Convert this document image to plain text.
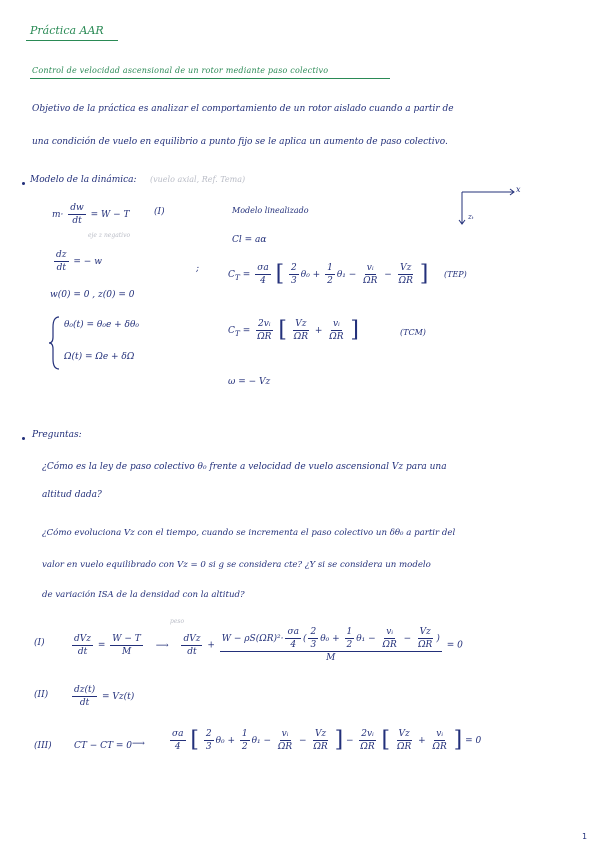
Práctica AAR
Control de velocidad ascensional de un rotor mediante paso colectivo
Objetivo de la práctica es analizar el comportamiento de un rotor aislado cuando a partir de
una condición de vuelo en equilibrio a punto fijo se le aplica un aumento de paso colectivo.
Modelo de la dinámica: (vuelo axial, Ref. Tema)
x
zₜ
$m\cdot \frac{dw}{dt} = W - T$	(I)
eje z negativo
$\frac{dz}{dt}$ = − w
w(0) = 0 , z(0) = 0
θ₀(t) = θ₀e + δθ₀
Ω(t) = Ωe + δΩ
Modelo linealizado
Cl = aα
;
$C_T = \frac{\sigma a}{4}$ [ $\frac{2}{3} \theta_0 + \frac{1}{2} \theta_1 - \frac{\text{vᵢ}}{\Omega R} - \frac{Vz}{\Omega R}$ ] (TEP)
$C_T = \frac{\text{2vᵢ}}{\Omega R}$ [ $\frac{Vz}{\Omega R} + \frac{\text{vᵢ}}{\Omega R}$ ]	(TCM)
ω = − Vz
Preguntas:
¿Cómo es la ley de paso colectivo θ₀ frente a velocidad de vuelo ascensional Vz para una
altitud dada?
¿Cómo evoluciona Vz con el tiempo, cuando se incrementa el paso colectivo un δθ₀ a partir del
valor en vuelo equilibrado con Vz = 0 si g se considera cte? ¿Y si se considera un modelo
de variación ISA de la densidad con la altitud?
(I)
peso
$\frac{\text{dVz}}{dt} = \frac{W - T}{M}$ ⟶ $\frac{\text{dVz}}{dt} + \frac{W - \rho S(\Omega R)^2\cdot \frac{\sigma a}{4} ( \frac{2}{3} \theta_0 + \frac{1}{2} \theta_1 - \frac{\text{vᵢ}}{\Omega R} - \frac{Vz}{\Omega R} )}{M} = 0$
(II)	$\frac{dz(t)}{dt} = Vz(t)$
(III) CT − CT = 0 ⟶	$\frac{\sigma a}{4}$ [ $\frac{2}{3} \theta_0 + \frac{1}{2} \theta_1 - \frac{\text{vᵢ}}{\Omega R} - \frac{Vz}{\Omega R}$ ] − $\frac{\text{2vᵢ}}{\Omega R}$ [ $\frac{Vz}{\Omega R} + \frac{\text{vᵢ}}{\Omega R}$ ] = 0
1
